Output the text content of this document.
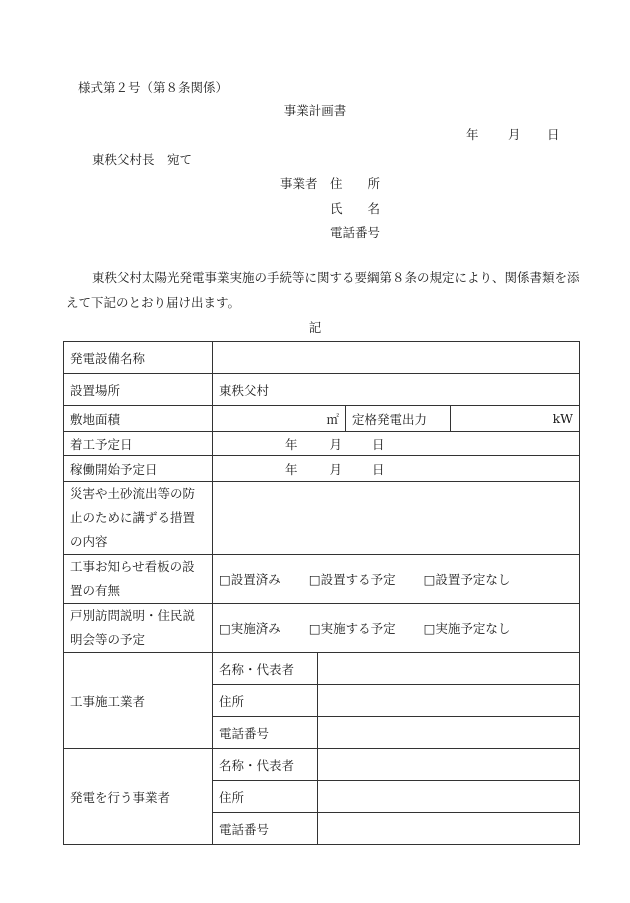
様式第２号（第８条関係）
事業計画書
年 月 日
東秩父村長　宛て
事業者 住　　所
氏　　名
電話番号
東秩父村太陽光発電事業実施の手続等に関する要綱第８条の規定により、関係書類を添えて下記のとおり届け出ます。
記
発電設備名称				
設置場所	東秩父村			
敷地面積	㎡		定格発電出力	kW
着工予定日	年 月 日			
稼働開始予定日	年 月 日			
災害や土砂流出等の防止のために講ずる措置の内容				
工事お知らせ看板の設置の有無	□設置済み □設置する予定 □設置予定なし			
戸別訪問説明・住民説明会等の予定	□実施済み □実施する予定 □実施予定なし			
工事施工業者	名称・代表者			
	住所			
	電話番号			
発電を行う事業者	名称・代表者			
	住所			
	電話番号			
